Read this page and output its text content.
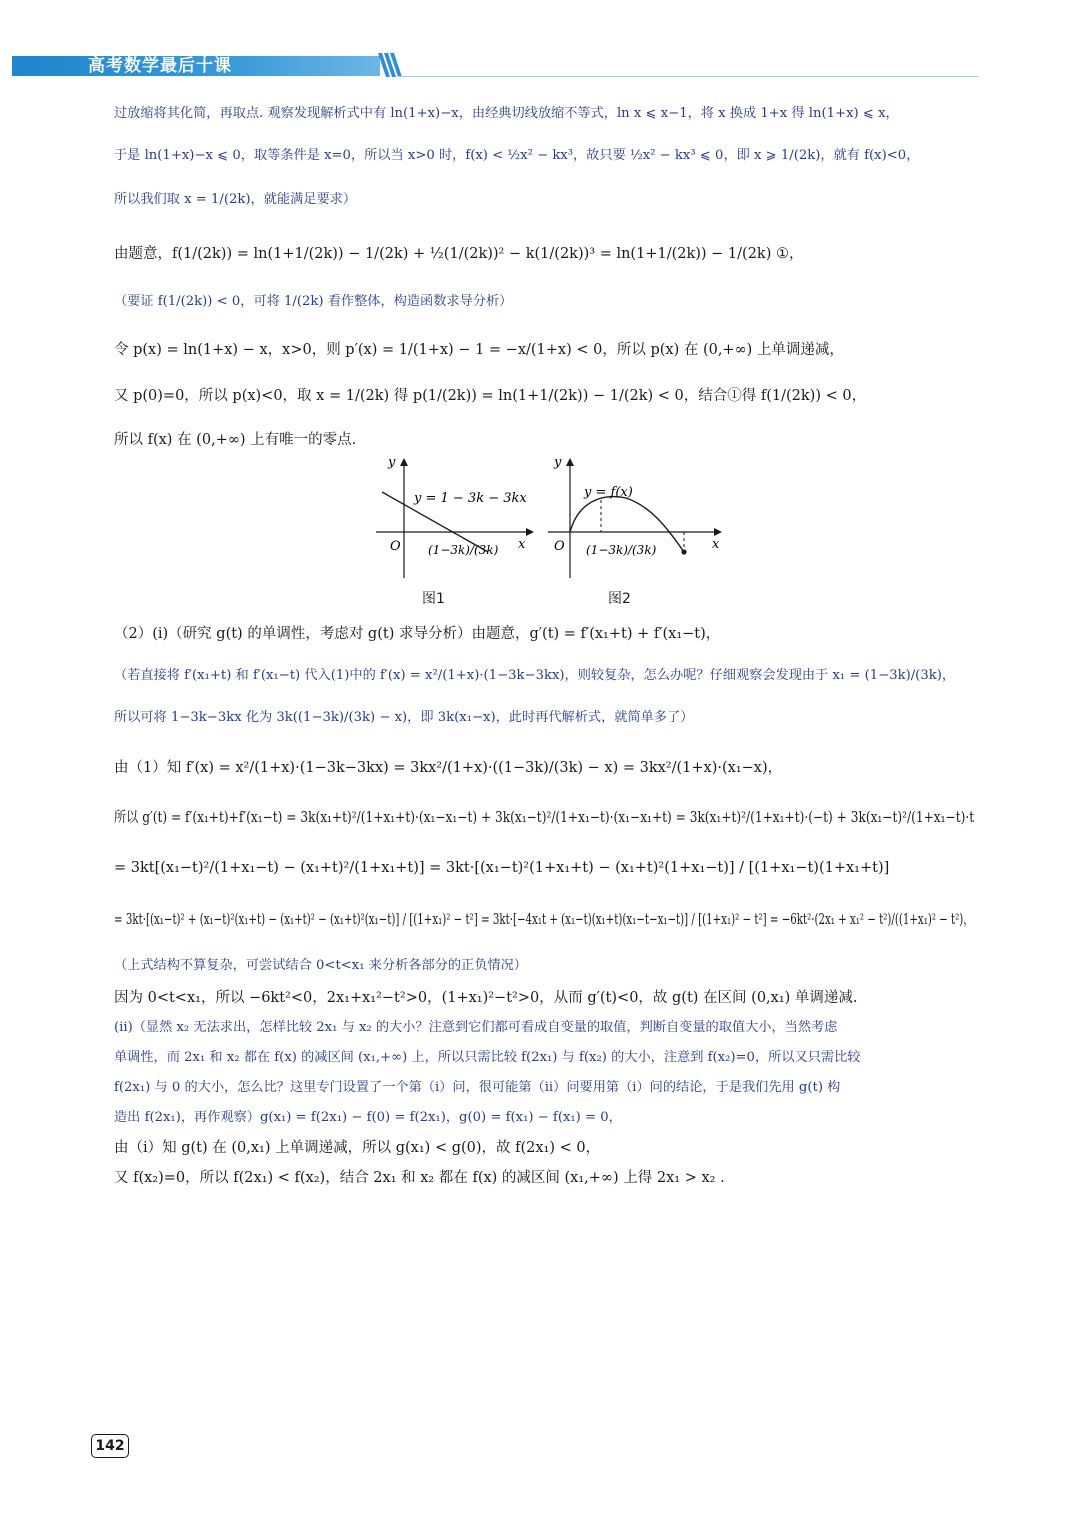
高考数学最后十课

过放缩将其化简，再取点. 观察发现解析式中有 ln(1+x)−x，由经典切线放缩不等式，ln x ⩽ x−1，将 x 换成 1+x 得 ln(1+x) ⩽ x，

于是 ln(1+x)−x ⩽ 0，取等条件是 x=0，所以当 x>0 时，f(x) < ½x² − kx³，故只要 ½x² − kx³ ⩽ 0，即 x ⩾ 1/(2k)，就有 f(x)<0，

所以我们取 x = 1/(2k)，就能满足要求）

由题意，f(1/(2k)) = ln(1+1/(2k)) − 1/(2k) + ½(1/(2k))² − k(1/(2k))³ = ln(1+1/(2k)) − 1/(2k) ①，

（要证 f(1/(2k)) < 0，可将 1/(2k) 看作整体，构造函数求导分析）

令 p(x) = ln(1+x) − x，x>0，则 p′(x) = 1/(1+x) − 1 = −x/(1+x) < 0，所以 p(x) 在 (0,+∞) 上单调递减，

又 p(0)=0，所以 p(x)<0，取 x = 1/(2k) 得 p(1/(2k)) = ln(1+1/(2k)) − 1/(2k) < 0，结合①得 f(1/(2k)) < 0，

所以 f(x) 在 (0,+∞) 上有唯一的零点.

（2）(i)（研究 g(t) 的单调性，考虑对 g(t) 求导分析）由题意，g′(t) = f′(x₁+t) + f′(x₁−t)，

（若直接将 f′(x₁+t) 和 f′(x₁−t) 代入(1)中的 f′(x) = x²/(1+x)·(1−3k−3kx)，则较复杂，怎么办呢？仔细观察会发现由于 x₁ = (1−3k)/(3k)，

所以可将 1−3k−3kx 化为 3k((1−3k)/(3k) − x)，即 3k(x₁−x)，此时再代解析式，就简单多了）

由（1）知 f′(x) = x²/(1+x)·(1−3k−3kx) = 3kx²/(1+x)·((1−3k)/(3k) − x) = 3kx²/(1+x)·(x₁−x)，

所以 g′(t) = f′(x₁+t)+f′(x₁−t) = 3k(x₁+t)²/(1+x₁+t)·(x₁−x₁−t) + 3k(x₁−t)²/(1+x₁−t)·(x₁−x₁+t) = 3k(x₁+t)²/(1+x₁+t)·(−t) + 3k(x₁−t)²/(1+x₁−t)·t

= 3kt[(x₁−t)²/(1+x₁−t) − (x₁+t)²/(1+x₁+t)] = 3kt·[(x₁−t)²(1+x₁+t) − (x₁+t)²(1+x₁−t)] / [(1+x₁−t)(1+x₁+t)]

= 3kt·[(x₁−t)² + (x₁−t)²(x₁+t) − (x₁+t)² − (x₁+t)²(x₁−t)] / [(1+x₁)² − t²] = 3kt·[−4x₁t + (x₁−t)(x₁+t)(x₁−t−x₁−t)] / [(1+x₁)² − t²] = −6kt²·(2x₁ + x₁² − t²)/((1+x₁)² − t²)，

（上式结构不算复杂，可尝试结合 0<t<x₁ 来分析各部分的正负情况）

因为 0<t<x₁，所以 −6kt²<0，2x₁+x₁²−t²>0，(1+x₁)²−t²>0，从而 g′(t)<0，故 g(t) 在区间 (0,x₁) 单调递减.

(ii)（显然 x₂ 无法求出，怎样比较 2x₁ 与 x₂ 的大小？注意到它们都可看成自变量的取值，判断自变量的取值大小，当然考虑

单调性，而 2x₁ 和 x₂ 都在 f(x) 的减区间 (x₁,+∞) 上，所以只需比较 f(2x₁) 与 f(x₂) 的大小，注意到 f(x₂)=0，所以又只需比较

f(2x₁) 与 0 的大小，怎么比？这里专门设置了一个第（i）问，很可能第（ii）问要用第（i）问的结论，于是我们先用 g(t) 构

造出 f(2x₁)，再作观察）g(x₁) = f(2x₁) − f(0) = f(2x₁)，g(0) = f(x₁) − f(x₁) = 0，

由（i）知 g(t) 在 (0,x₁) 上单调递减，所以 g(x₁) < g(0)，故 f(2x₁) < 0，

又 f(x₂)=0，所以 f(2x₁) < f(x₂)，结合 2x₁ 和 x₂ 都在 f(x) 的减区间 (x₁,+∞) 上得 2x₁ > x₂ .

y
x
O
y = 1 − 3k − 3kx
(1−3k)/(3k)
图1
y
x
O
y = f(x)
(1−3k)/(3k)
图2
142
